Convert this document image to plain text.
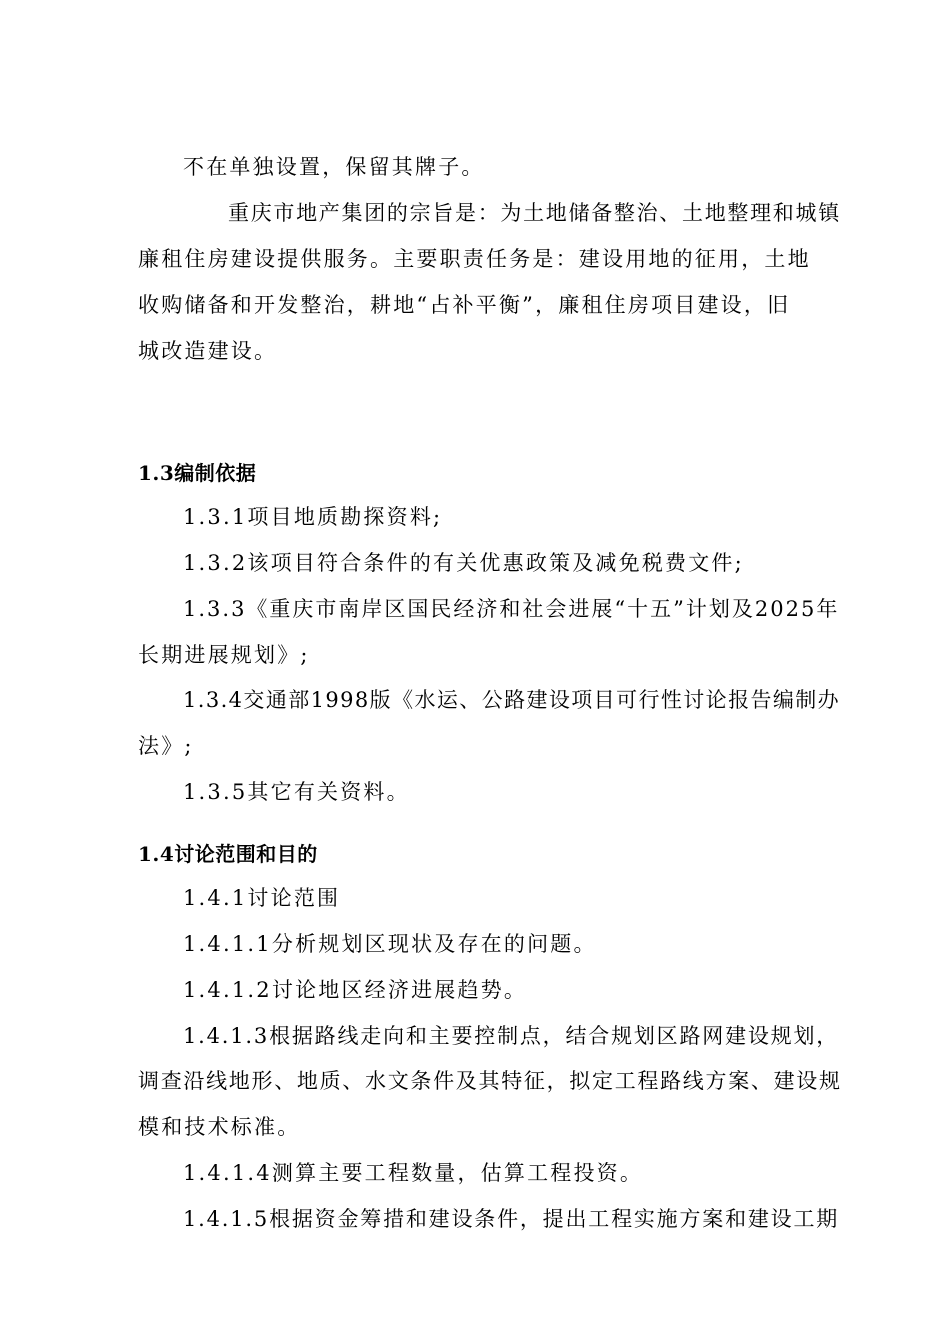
不在单独设置，保留其牌子。
重庆市地产集团的宗旨是：为土地储备整治、土地整理和城镇
廉租住房建设提供服务。主要职责任务是：建设用地的征用，土地
收购储备和开发整治，耕地“占补平衡”，廉租住房项目建设，旧
城改造建设。
1.3编制依据
1.3.1项目地质勘探资料;
1.3.2该项目符合条件的有关优惠政策及减免税费文件;
1.3.3《重庆市南岸区国民经济和社会进展“十五”计划及2025年
长期进展规划》;
1.3.4交通部1998版《水运、公路建设项目可行性讨论报告编制办
法》;
1.3.5其它有关资料。
1.4讨论范围和目的
1.4.1讨论范围
1.4.1.1分析规划区现状及存在的问题。
1.4.1.2讨论地区经济进展趋势。
1.4.1.3根据路线走向和主要控制点，结合规划区路网建设规划，
调查沿线地形、地质、水文条件及其特征，拟定工程路线方案、建设规
模和技术标准。
1.4.1.4测算主要工程数量，估算工程投资。
1.4.1.5根据资金筹措和建设条件，提出工程实施方案和建设工期
